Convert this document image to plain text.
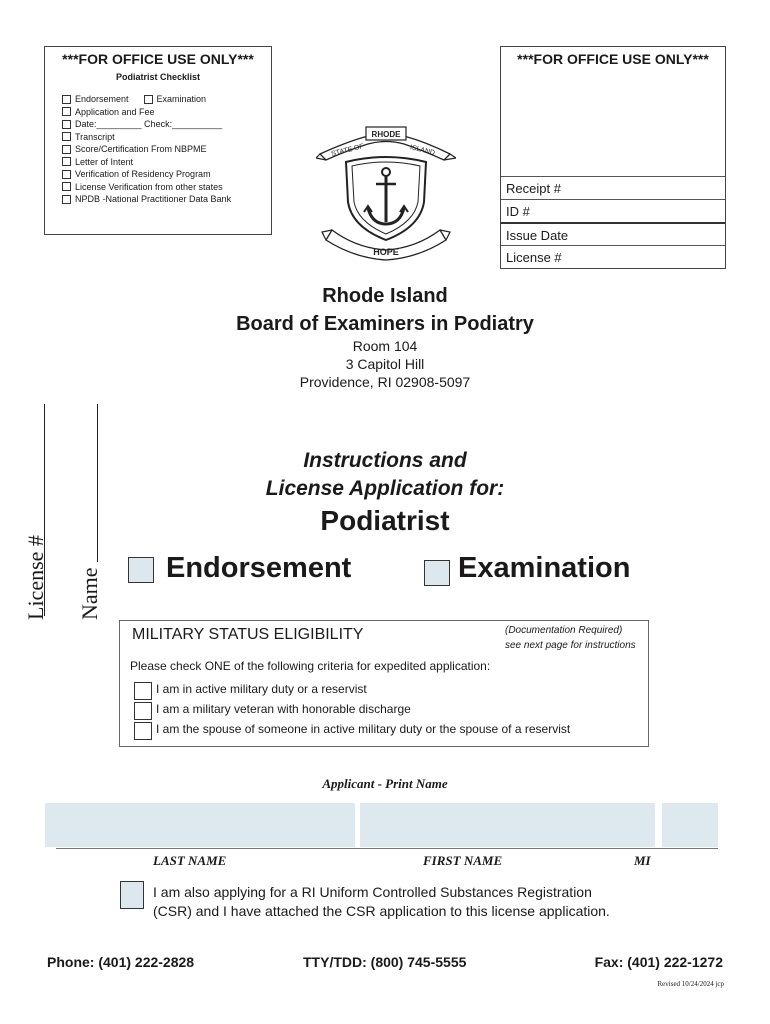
***FOR OFFICE USE ONLY***
Podiatrist Checklist
Endorsement	Examination
Application and Fee
Date:_________ Check:__________
Transcript
Score/Certification From NBPME
Letter of Intent
Verification of Residency Program
License Verification from other states
NPDB -National Practitioner Data Bank
***FOR OFFICE USE ONLY***
Receipt #
ID #
Issue Date
License #
RHODE
STATE OF	ISLAND
HOPE
Rhode Island
Board of Examiners in Podiatry
Room 104
3 Capitol Hill
Providence, RI 02908-5097
License # Name
Instructions and
License Application for:
Podiatrist
Endorsement	Examination
MILITARY STATUS ELIGIBILITY	(Documentation Required)
see next page for instructions
Please check ONE of the following criteria for expedited application:
I am in active military duty or a reservist
I am a military veteran with honorable discharge
I am the spouse of someone in active military duty or the spouse of a reservist
Applicant - Print Name
LAST NAME	FIRST NAME	MI
I am also applying for a RI Uniform Controlled Substances Registration
(CSR) and I have attached the CSR application to this license application.
Phone: (401) 222-2828	TTY/TDD: (800) 745-5555	Fax: (401) 222-1272
Revised 10/24/2024 jcp
